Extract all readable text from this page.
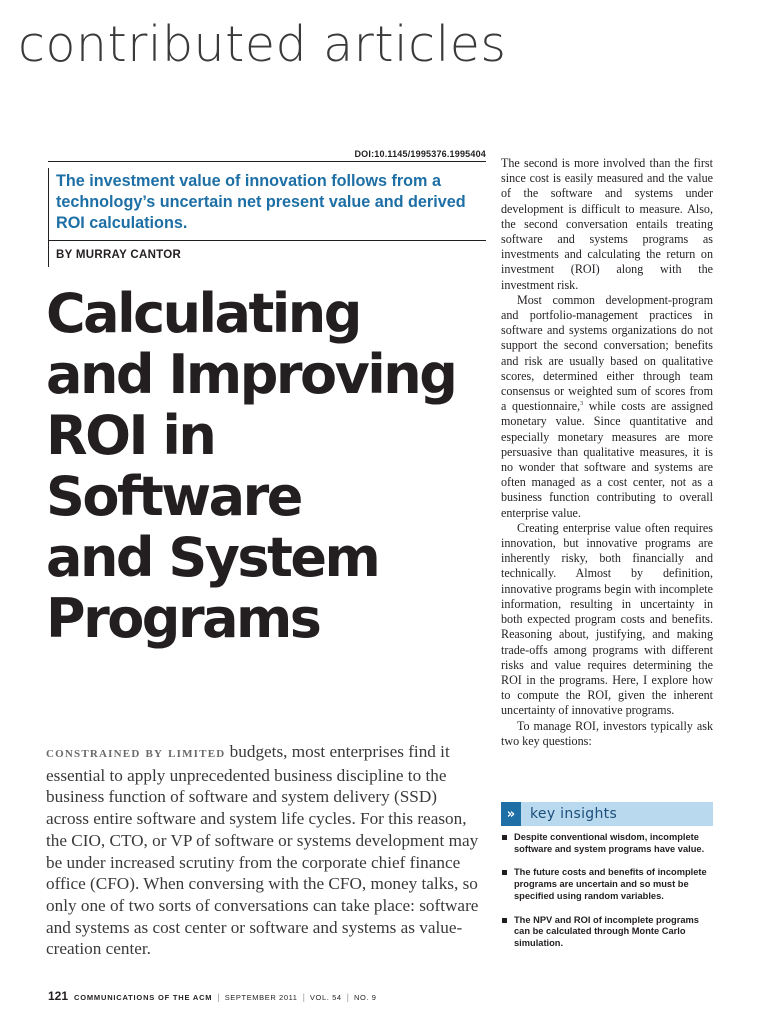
contributed articles
DOI:10.1145/1995376.1995404
The investment value of innovation follows from a technology’s uncertain net present value and derived ROI calculations.
BY MURRAY CANTOR
Calculating
and Improving
ROI in
Software
and System
Programs

constrained by limited budgets, most enterprises find it essential to apply unprecedented business discipline to the business function of software and system delivery (SSD) across entire software and system life cycles. For this reason, the CIO, CTO, or VP of software or systems development may be under increased scrutiny from the corporate chief finance office (CFO). When conversing with the CFO, money talks, so only one of two sorts of conversations can take place: software and systems as cost center or software and systems as value-creation center.

The second is more involved than the first since cost is easily measured and the value of the software and systems under development is difficult to measure. Also, the second conversation entails treating software and systems programs as investments and calculating the return on investment (ROI) along with the investment risk.

Most common development-program and portfolio-management practices in software and systems organizations do not support the second conversation; benefits and risk are usually based on qualitative scores, determined either through team consensus or weighted sum of scores from a questionnaire,$^3$ while costs are assigned monetary value. Since quantitative and especially monetary measures are more persuasive than qualitative measures, it is no wonder that software and systems are often managed as a cost center, not as a business function contributing to overall enterprise value.

Creating enterprise value often requires innovation, but innovative programs are inherently risky, both financially and technically. Almost by definition, innovative programs begin with incomplete information, resulting in uncertainty in both expected program costs and benefits. Reasoning about, justifying, and making trade-offs among programs with different risks and value requires determining the ROI in the programs. Here, I explore how to compute the ROI, given the inherent uncertainty of innovative programs.

To manage ROI, investors typically ask two key questions:

»	key insights
Despite conventional wisdom, incomplete software and system programs have value.
The future costs and benefits of incomplete programs are uncertain and so must be specified using random variables.
The NPV and ROI of incomplete programs can be calculated through Monte Carlo simulation.
121 COMMUNICATIONS OF THE ACM | SEPTEMBER 2011 | VOL. 54 | NO. 9
